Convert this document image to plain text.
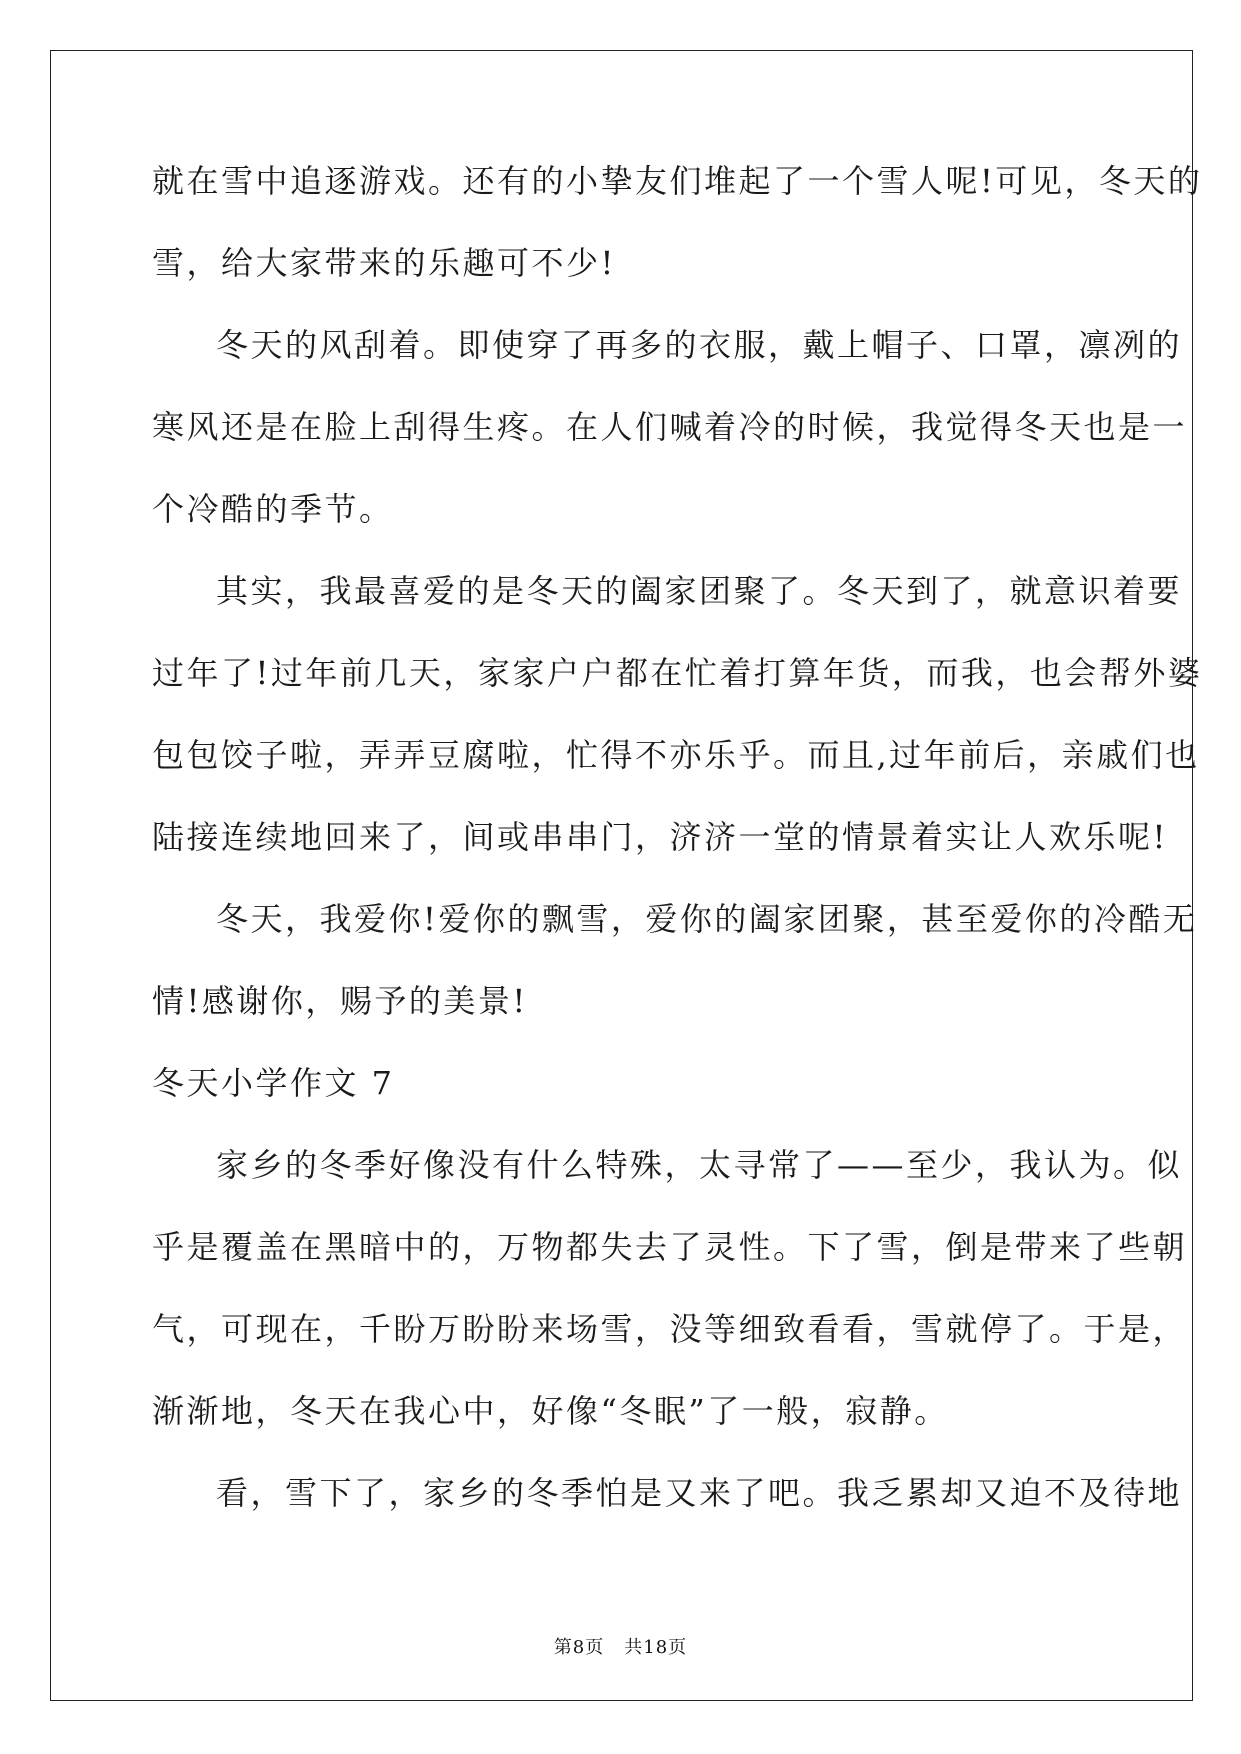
就在雪中追逐游戏。还有的小挚友们堆起了一个雪人呢!可见，冬天的
雪，给大家带来的乐趣可不少!
冬天的风刮着。即使穿了再多的衣服，戴上帽子、口罩，凛冽的
寒风还是在脸上刮得生疼。在人们喊着冷的时候，我觉得冬天也是一
个冷酷的季节。
其实，我最喜爱的是冬天的阖家团聚了。冬天到了，就意识着要
过年了!过年前几天，家家户户都在忙着打算年货，而我，也会帮外婆
包包饺子啦，弄弄豆腐啦，忙得不亦乐乎。而且,过年前后，亲戚们也
陆接连续地回来了，间或串串门，济济一堂的情景着实让人欢乐呢!
冬天，我爱你!爱你的飘雪，爱你的阖家团聚，甚至爱你的冷酷无
情!感谢你，赐予的美景!
冬天小学作文 7
家乡的冬季好像没有什么特殊，太寻常了——至少，我认为。似
乎是覆盖在黑暗中的，万物都失去了灵性。下了雪，倒是带来了些朝
气，可现在，千盼万盼盼来场雪，没等细致看看，雪就停了。于是，
渐渐地，冬天在我心中，好像“冬眠”了一般，寂静。
看，雪下了，家乡的冬季怕是又来了吧。我乏累却又迫不及待地
第8页 共18页
